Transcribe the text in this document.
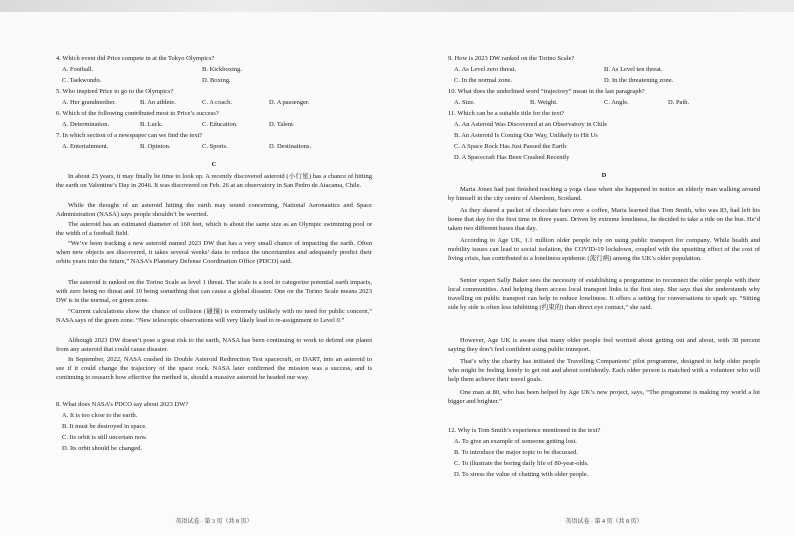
4. Which event did Price compete in at the Tokyo Olympics?
A. Football.	B. Kickboxing.
C. Taekwondo.	D. Boxing.
5. Who inspired Price to go to the Olympics?
A. Her grandmother.	B. An athlete.	C. A coach.	D. A passenger.
6. Which of the following contributed most to Price’s success?
A. Determination.	B. Luck.	C. Education.	D. Talent.
7. In which section of a newspaper can we find the text?
A. Entertainment.	B. Opinion.	C. Sports.	D. Destinations.
C
In about 23 years, it may finally be time to look up. A recently discovered asteroid (小行星) has a chance of hitting the earth on Valentine’s Day in 2046. It was discovered on Feb. 26 at an observatory in San Pedro de Atacama, Chile.
While the thought of an asteroid hitting the earth may sound concerning, National Aeronautics and Space Administration (NASA) says people shouldn’t be worried.
The asteroid has an estimated diameter of 160 feet, which is about the same size as an Olympic swimming pool or the width of a football field.
“We’ve been tracking a new asteroid named 2023 DW that has a very small chance of impacting the earth. Often when new objects are discovered, it takes several weeks’ data to reduce the uncertainties and adequately predict their orbits years into the future,” NASA’s Planetary Defense Coordination Office (PDCO) said.
The asteroid is ranked on the Torino Scale as level 1 threat. The scale is a tool to categorize potential earth impacts, with zero being no threat and 10 being something that can cause a global disaster. One on the Torino Scale means 2023 DW is in the normal, or green zone.
“Current calculations show the chance of collision (碰撞) is extremely unlikely with no need for public concern,” NASA says of the green zone. “New telescopic observations will very likely lead to re-assignment to Level 0.”
Although 2023 DW doesn’t pose a great risk to the earth, NASA has been continuing to work to defend our planet from any asteroid that could cause disaster.
In September, 2022, NASA crashed its Double Asteroid Redirection Test spacecraft, or DART, into an asteroid to see if it could change the trajectory of the space rock. NASA later confirmed the mission was a success, and is continuing to research how effective the method is, should a massive asteroid be headed our way.
8. What does NASA’s PDCO say about 2023 DW?
A. It is too close to the earth.
B. It must be destroyed in space.
C. Its orbit is still uncertain now.
D. Its orbit should be changed.
英语试卷 · 第 3 页（共 8 页）
9. How is 2023 DW ranked on the Torino Scale?
A. As Level zero threat.	B. As Level ten threat.
C. In the normal zone.	D. In the threatening zone.
10. What does the underlined word “trajectory” mean in the last paragraph?
A. Size.	B. Weight.	C. Angle.	D. Path.
11. Which can be a suitable title for the text?
A. An Asteroid Was Discovered at an Observatory in Chile
B. An Asteroid Is Coming Our Way, Unlikely to Hit Us
C. A Space Rock Has Just Passed the Earth
D. A Spacecraft Has Been Crashed Recently
D
Maria Jones had just finished teaching a yoga class when she happened to notice an elderly man walking around by himself in the city centre of Aberdeen, Scotland.
As they shared a packet of chocolate bars over a coffee, Maria learned that Tom Smith, who was 83, had left his home that day for the first time in three years. Driven by extreme loneliness, he decided to take a ride on the bus. He’d taken two different buses that day.
According to Age UK, 1.1 million older people rely on using public transport for company. While health and mobility issues can lead to social isolation, the COVID-19 lockdown, coupled with the upsetting effect of the cost of living crisis, has contributed to a loneliness epidemic (流行病) among the UK’s older population.
Senior expert Sally Baker sees the necessity of establishing a programme to reconnect the older people with their local communities. And helping them access local transport links is the first step. She says that she understands why travelling on public transport can help to reduce loneliness. It offers a setting for conversations to spark up. “Sitting side by side is often less inhibiting (约束的) than direct eye contact,” she said.
However, Age UK is aware that many older people feel worried about getting out and about, with 38 percent saying they don’t feel confident using public transport.
That’s why the charity has initiated the Travelling Companions’ pilot programme, designed to help older people who might be feeling lonely to get out and about confidently. Each older person is matched with a volunteer who will help them achieve their travel goals.
One man at 80, who has been helped by Age UK’s new project, says, “The programme is making my world a lot bigger and brighter.”
12. Why is Tom Smith’s experience mentioned in the text?
A. To give an example of someone getting lost.
B. To introduce the major topic to be discussed.
C. To illustrate the boring daily life of 80-year-olds.
D. To stress the value of chatting with older people.
英语试卷 · 第 4 页（共 8 页）
